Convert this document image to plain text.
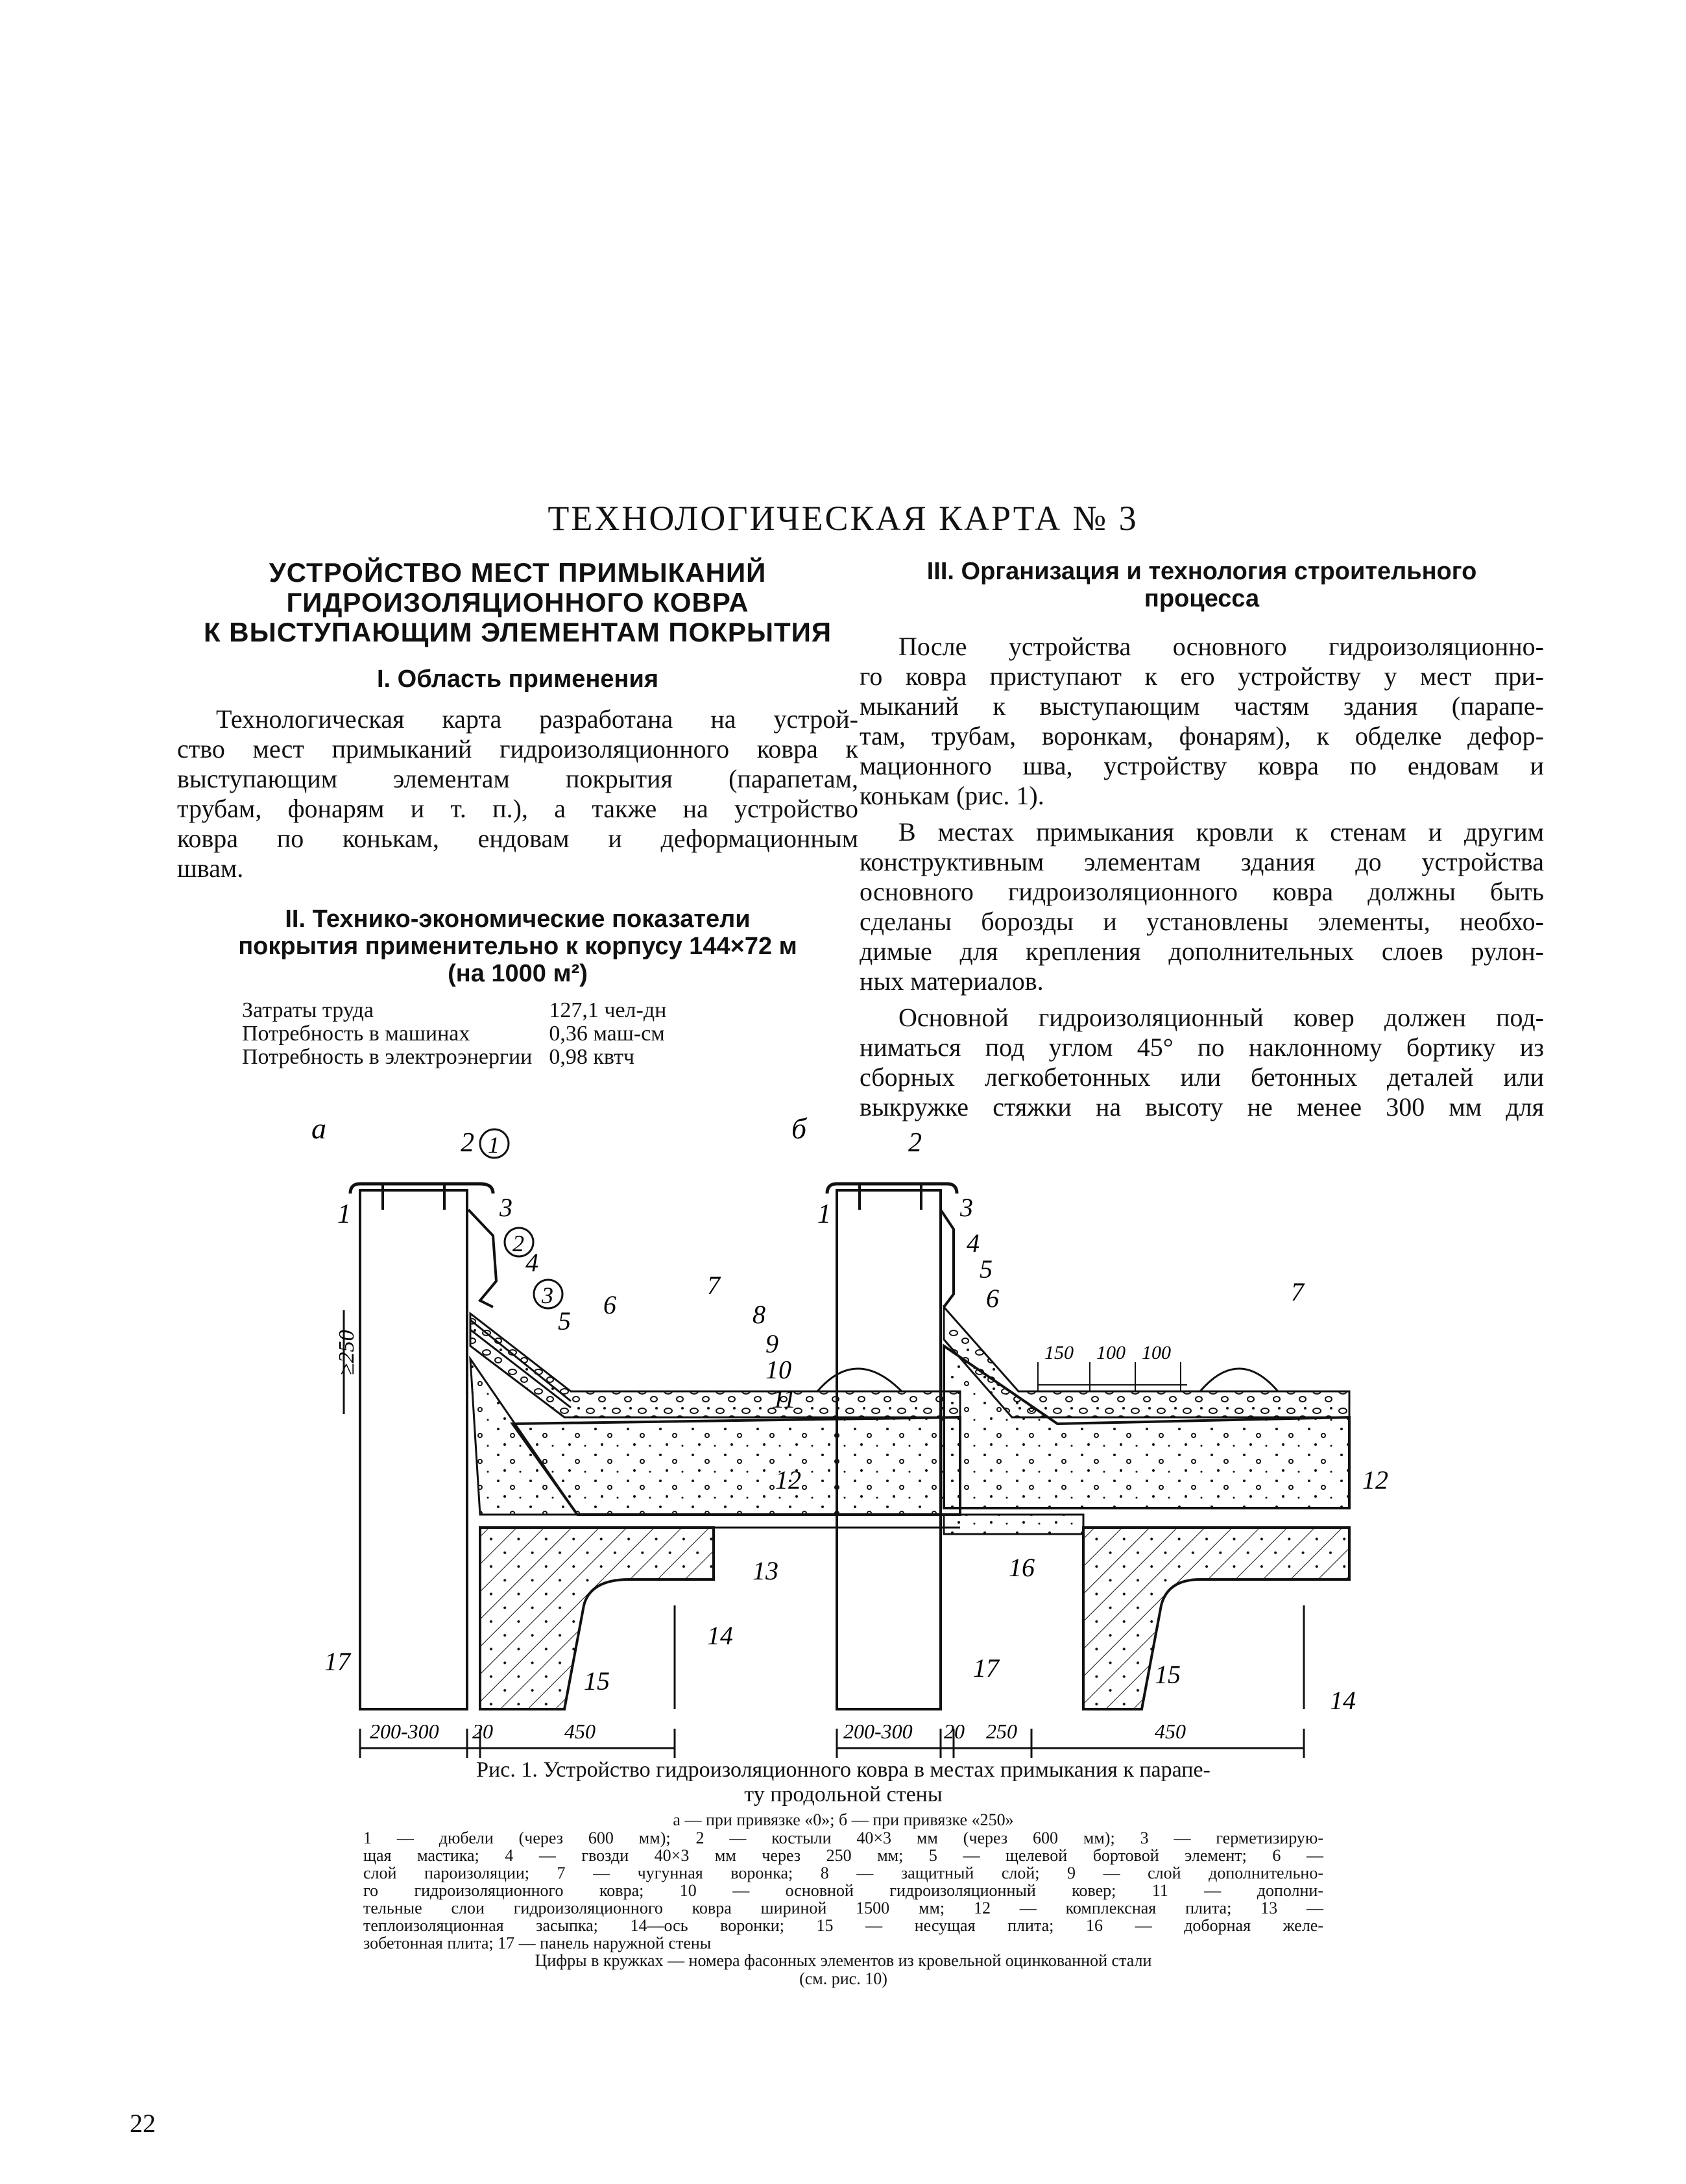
ТЕХНОЛОГИЧЕСКАЯ КАРТА № 3
УСТРОЙСТВО МЕСТ ПРИМЫКАНИЙ
ГИДРОИЗОЛЯЦИОННОГО КОВРА
К ВЫСТУПАЮЩИМ ЭЛЕМЕНТАМ ПОКРЫТИЯ
I. Область применения
Технологическая карта разработана на устрой-
ство мест примыканий гидроизоляционного ковра к
выступающим элементам покрытия (парапетам,
трубам, фонарям и т. п.), а также на устройство
ковра по конькам, ендовам и деформационным
швам.
II. Технико-экономические показатели
покрытия применительно к корпусу 144×72 м
(на 1000 м²)
Затраты труда	127,1 чел-дн
Потребность в машинах	0,36 маш-см
Потребность в электроэнергии	0,98 квтч
III. Организация и технология строительного
процесса
После устройства основного гидроизоляционно-
го ковра приступают к его устройству у мест при-
мыканий к выступающим частям здания (парапе-
там, трубам, воронкам, фонарям), к обделке дефор-
мационного шва, устройству ковра по ендовам и
конькам (рис. 1).
В местах примыкания кровли к стенам и другим
конструктивным элементам здания до устройства
основного гидроизоляционного ковра должны быть
сделаны борозды и установлены элементы, необхо-
димые для крепления дополнительных слоев рулон-
ных материалов.
Основной гидроизоляционный ковер должен под-
ниматься под углом 45° по наклонному бортику из
сборных легкобетонных или бетонных деталей или
выкружке стяжки на высоту не менее 300 мм для
а
≥250
200-300 20	450
2 1
1	3
2
4
3
5
6
7
8
9
10
11
12
13
14
15
17
б
150 100 100
200-300 20 250	450
1
2
3
4
5
6	7
12
14
15
16
17

Рис. 1. Устройство гидроизоляционного ковра в местах примыкания к парапе-
ту продольной стены

а — при привязке «0»; б — при привязке «250»

1 — дюбели (через 600 мм); 2 — костыли 40×3 мм (через 600 мм); 3 — герметизирую-
щая мастика; 4 — гвозди 40×3 мм через 250 мм; 5 — щелевой бортовой элемент; 6 —
слой пароизоляции; 7 — чугунная воронка; 8 — защитный слой; 9 — слой дополнительно-
го гидроизоляционного ковра; 10 — основной гидроизоляционный ковер; 11 — дополни-
тельные слои гидроизоляционного ковра шириной 1500 мм; 12 — комплексная плита; 13 —
теплоизоляционная засыпка; 14—ось воронки; 15 — несущая плита; 16 — доборная желе-
зобетонная плита; 17 — панель наружной стены

Цифры в кружках — номера фасонных элементов из кровельной оцинкованной стали
(см. рис. 10)

22
